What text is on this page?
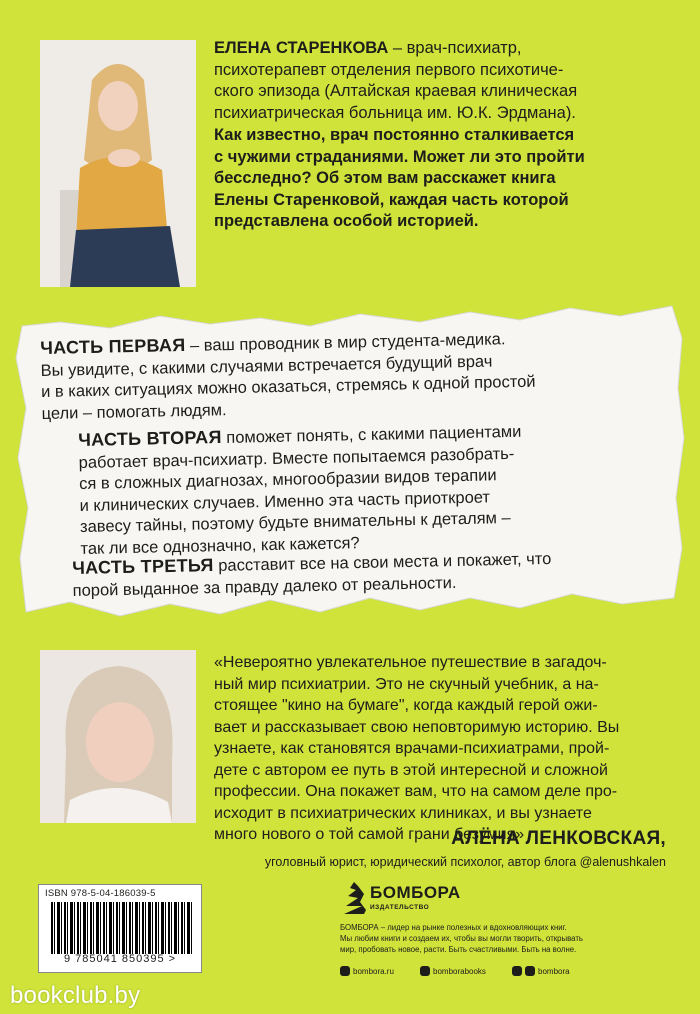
ЕЛЕНА СТАРЕНКОВА – врач-психиатр,
психотерапевт отделения первого психотиче-
ского эпизода (Алтайская краевая клиническая
психиатрическая больница им. Ю.К. Эрдмана).
Как известно, врач постоянно сталкивается
с чужими страданиями. Может ли это пройти
бесследно? Об этом вам расскажет книга
Елены Старенковой, каждая часть которой
представлена особой историей.
ЧАСТЬ ПЕРВАЯ – ваш проводник в мир студента-медика.
Вы увидите, с какими случаями встречается будущий врач
и в каких ситуациях можно оказаться, стремясь к одной простой
цели – помогать людям.
ЧАСТЬ ВТОРАЯ поможет понять, с какими пациентами
работает врач-психиатр. Вместе попытаемся разобрать-
ся в сложных диагнозах, многообразии видов терапии
и клинических случаев. Именно эта часть приоткроет
завесу тайны, поэтому будьте внимательны к деталям –
так ли все однозначно, как кажется?
ЧАСТЬ ТРЕТЬЯ расставит все на свои места и покажет, что
порой выданное за правду далеко от реальности.
«Невероятно увлекательное путешествие в загадоч-
ный мир психиатрии. Это не скучный учебник, а на-
стоящее "кино на бумаге", когда каждый герой ожи-
вает и рассказывает свою неповторимую историю. Вы
узнаете, как становятся врачами-психиатрами, прой-
дете с автором ее путь в этой интересной и сложной
профессии. Она покажет вам, что на самом деле про-
исходит в психиатрических клиниках, и вы узнаете
много нового о той самой грани безумия»
АЛЁНА ЛЕНКОВСКАЯ,
уголовный юрист, юридический психолог, автор блога @alenushkalen
ISBN 978-5-04-186039-5
9 785041 850395 >
БОМБОРА
ИЗДАТЕЛЬСТВО
БОМБОРА – лидер на рынке полезных и вдохновляющих книг.
Мы любим книги и создаем их, чтобы вы могли творить, открывать
мир, пробовать новое, расти. Быть счастливыми. Быть на волне.
bombora.ru	bomborabooks	bombora
bookclub.by
